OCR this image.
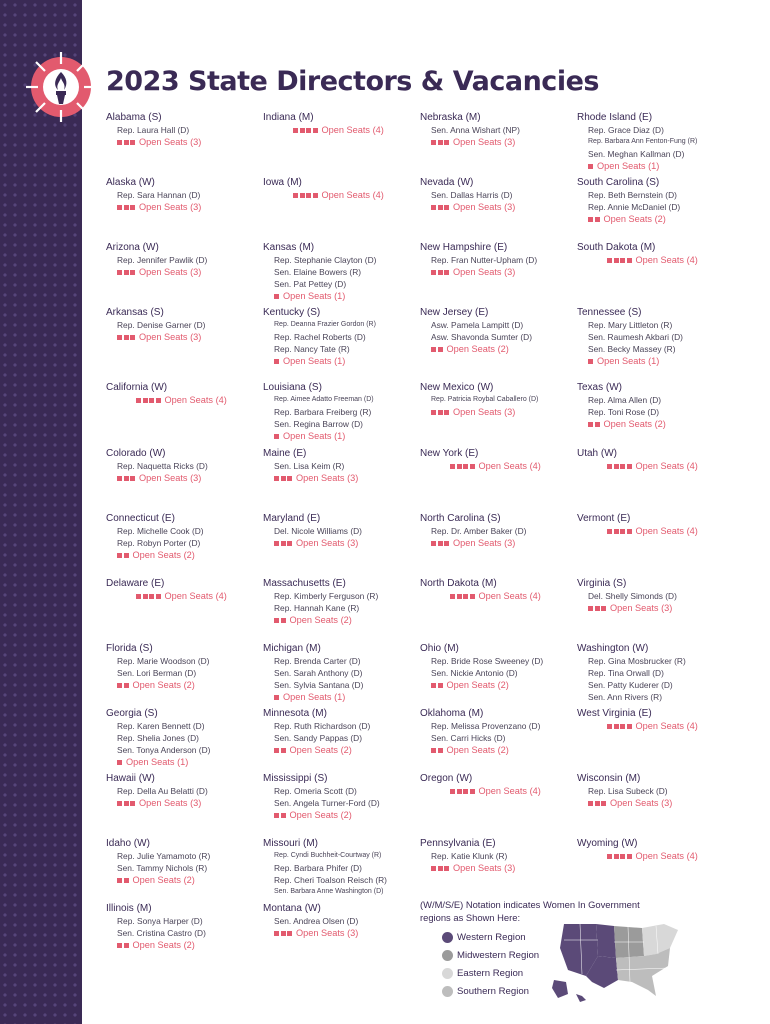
2023 State Directors & Vacancies
Alabama (S)
Rep. Laura Hall (D)
Open Seats (3)
Alaska (W)
Rep. Sara Hannan (D)
Open Seats (3)
Arizona (W)
Rep. Jennifer Pawlik (D)
Open Seats (3)
Arkansas (S)
Rep. Denise Garner (D)
Open Seats (3)
California (W)
Open Seats (4)
Colorado (W)
Rep. Naquetta Ricks (D)
Open Seats (3)
Connecticut (E)
Rep. Michelle Cook (D)
Rep. Robyn Porter (D)
Open Seats (2)
Delaware (E)
Open Seats (4)
Florida (S)
Rep. Marie Woodson (D)
Sen. Lori Berman (D)
Open Seats (2)
Georgia (S)
Rep. Karen Bennett (D)
Rep. Shelia Jones (D)
Sen. Tonya Anderson (D)
Open Seats (1)
Hawaii (W)
Rep. Della Au Belatti (D)
Open Seats (3)
Idaho (W)
Rep. Julie Yamamoto (R)
Sen. Tammy Nichols (R)
Open Seats (2)
Illinois (M)
Rep. Sonya Harper (D)
Sen. Cristina Castro (D)
Open Seats (2)
Indiana (M)
Open Seats (4)
Iowa (M)
Open Seats (4)
Kansas (M)
Rep. Stephanie Clayton (D)
Sen. Elaine Bowers (R)
Sen. Pat Pettey (D)
Open Seats (1)
Kentucky (S)
Rep. Deanna Frazier Gordon (R)
Rep. Rachel Roberts (D)
Rep. Nancy Tate (R)
Open Seats (1)
Louisiana (S)
Rep. Aimee Adatto Freeman (D)
Rep. Barbara Freiberg (R)
Sen. Regina Barrow (D)
Open Seats (1)
Maine (E)
Sen. Lisa Keim (R)
Open Seats (3)
Maryland (E)
Del. Nicole Williams (D)
Open Seats (3)
Massachusetts (E)
Rep. Kimberly Ferguson (R)
Rep. Hannah Kane (R)
Open Seats (2)
Michigan (M)
Rep. Brenda Carter (D)
Sen. Sarah Anthony (D)
Sen. Sylvia Santana (D)
Open Seats (1)
Minnesota (M)
Rep. Ruth Richardson (D)
Sen. Sandy Pappas (D)
Open Seats (2)
Mississippi (S)
Rep. Omeria Scott (D)
Sen. Angela Turner-Ford (D)
Open Seats (2)
Missouri (M)
Rep. Cyndi Buchheit-Courtway (R)
Rep. Barbara Phifer (D)
Rep. Cheri Toalson Reisch (R)
Sen. Barbara Anne Washington (D)
Montana (W)
Sen. Andrea Olsen (D)
Open Seats (3)
Nebraska (M)
Sen. Anna Wishart (NP)
Open Seats (3)
Nevada (W)
Sen. Dallas Harris (D)
Open Seats (3)
New Hampshire (E)
Rep. Fran Nutter-Upham (D)
Open Seats (3)
New Jersey (E)
Asw. Pamela Lampitt (D)
Asw. Shavonda Sumter (D)
Open Seats (2)
New Mexico (W)
Rep. Patricia Roybal Caballero (D)
Open Seats (3)
New York (E)
Open Seats (4)
North Carolina (S)
Rep. Dr. Amber Baker (D)
Open Seats (3)
North Dakota (M)
Open Seats (4)
Ohio (M)
Rep. Bride Rose Sweeney (D)
Sen. Nickie Antonio (D)
Open Seats (2)
Oklahoma (M)
Rep. Melissa Provenzano (D)
Sen. Carri Hicks (D)
Open Seats (2)
Oregon (W)
Open Seats (4)
Pennsylvania (E)
Rep. Katie Klunk (R)
Open Seats (3)
Rhode Island (E)
Rep. Grace Diaz (D)
Rep. Barbara Ann Fenton-Fung (R)
Sen. Meghan Kallman (D)
Open Seats (1)
South Carolina (S)
Rep. Beth Bernstein (D)
Rep. Annie McDaniel (D)
Open Seats (2)
South Dakota (M)
Open Seats (4)
Tennessee (S)
Rep. Mary Littleton (R)
Sen. Raumesh Akbari (D)
Sen. Becky Massey (R)
Open Seats (1)
Texas (W)
Rep. Alma Allen (D)
Rep. Toni Rose (D)
Open Seats (2)
Utah (W)
Open Seats (4)
Vermont (E)
Open Seats (4)
Virginia (S)
Del. Shelly Simonds (D)
Open Seats (3)
Washington (W)
Rep. Gina Mosbrucker (R)
Rep. Tina Orwall (D)
Sen. Patty Kuderer (D)
Sen. Ann Rivers (R)
West Virginia (E)
Open Seats (4)
Wisconsin (M)
Rep. Lisa Subeck (D)
Open Seats (3)
Wyoming (W)
Open Seats (4)
(W/M/S/E) Notation indicates Women In Government
regions as Shown Here:
Western Region
Midwestern Region
Eastern Region
Southern Region
